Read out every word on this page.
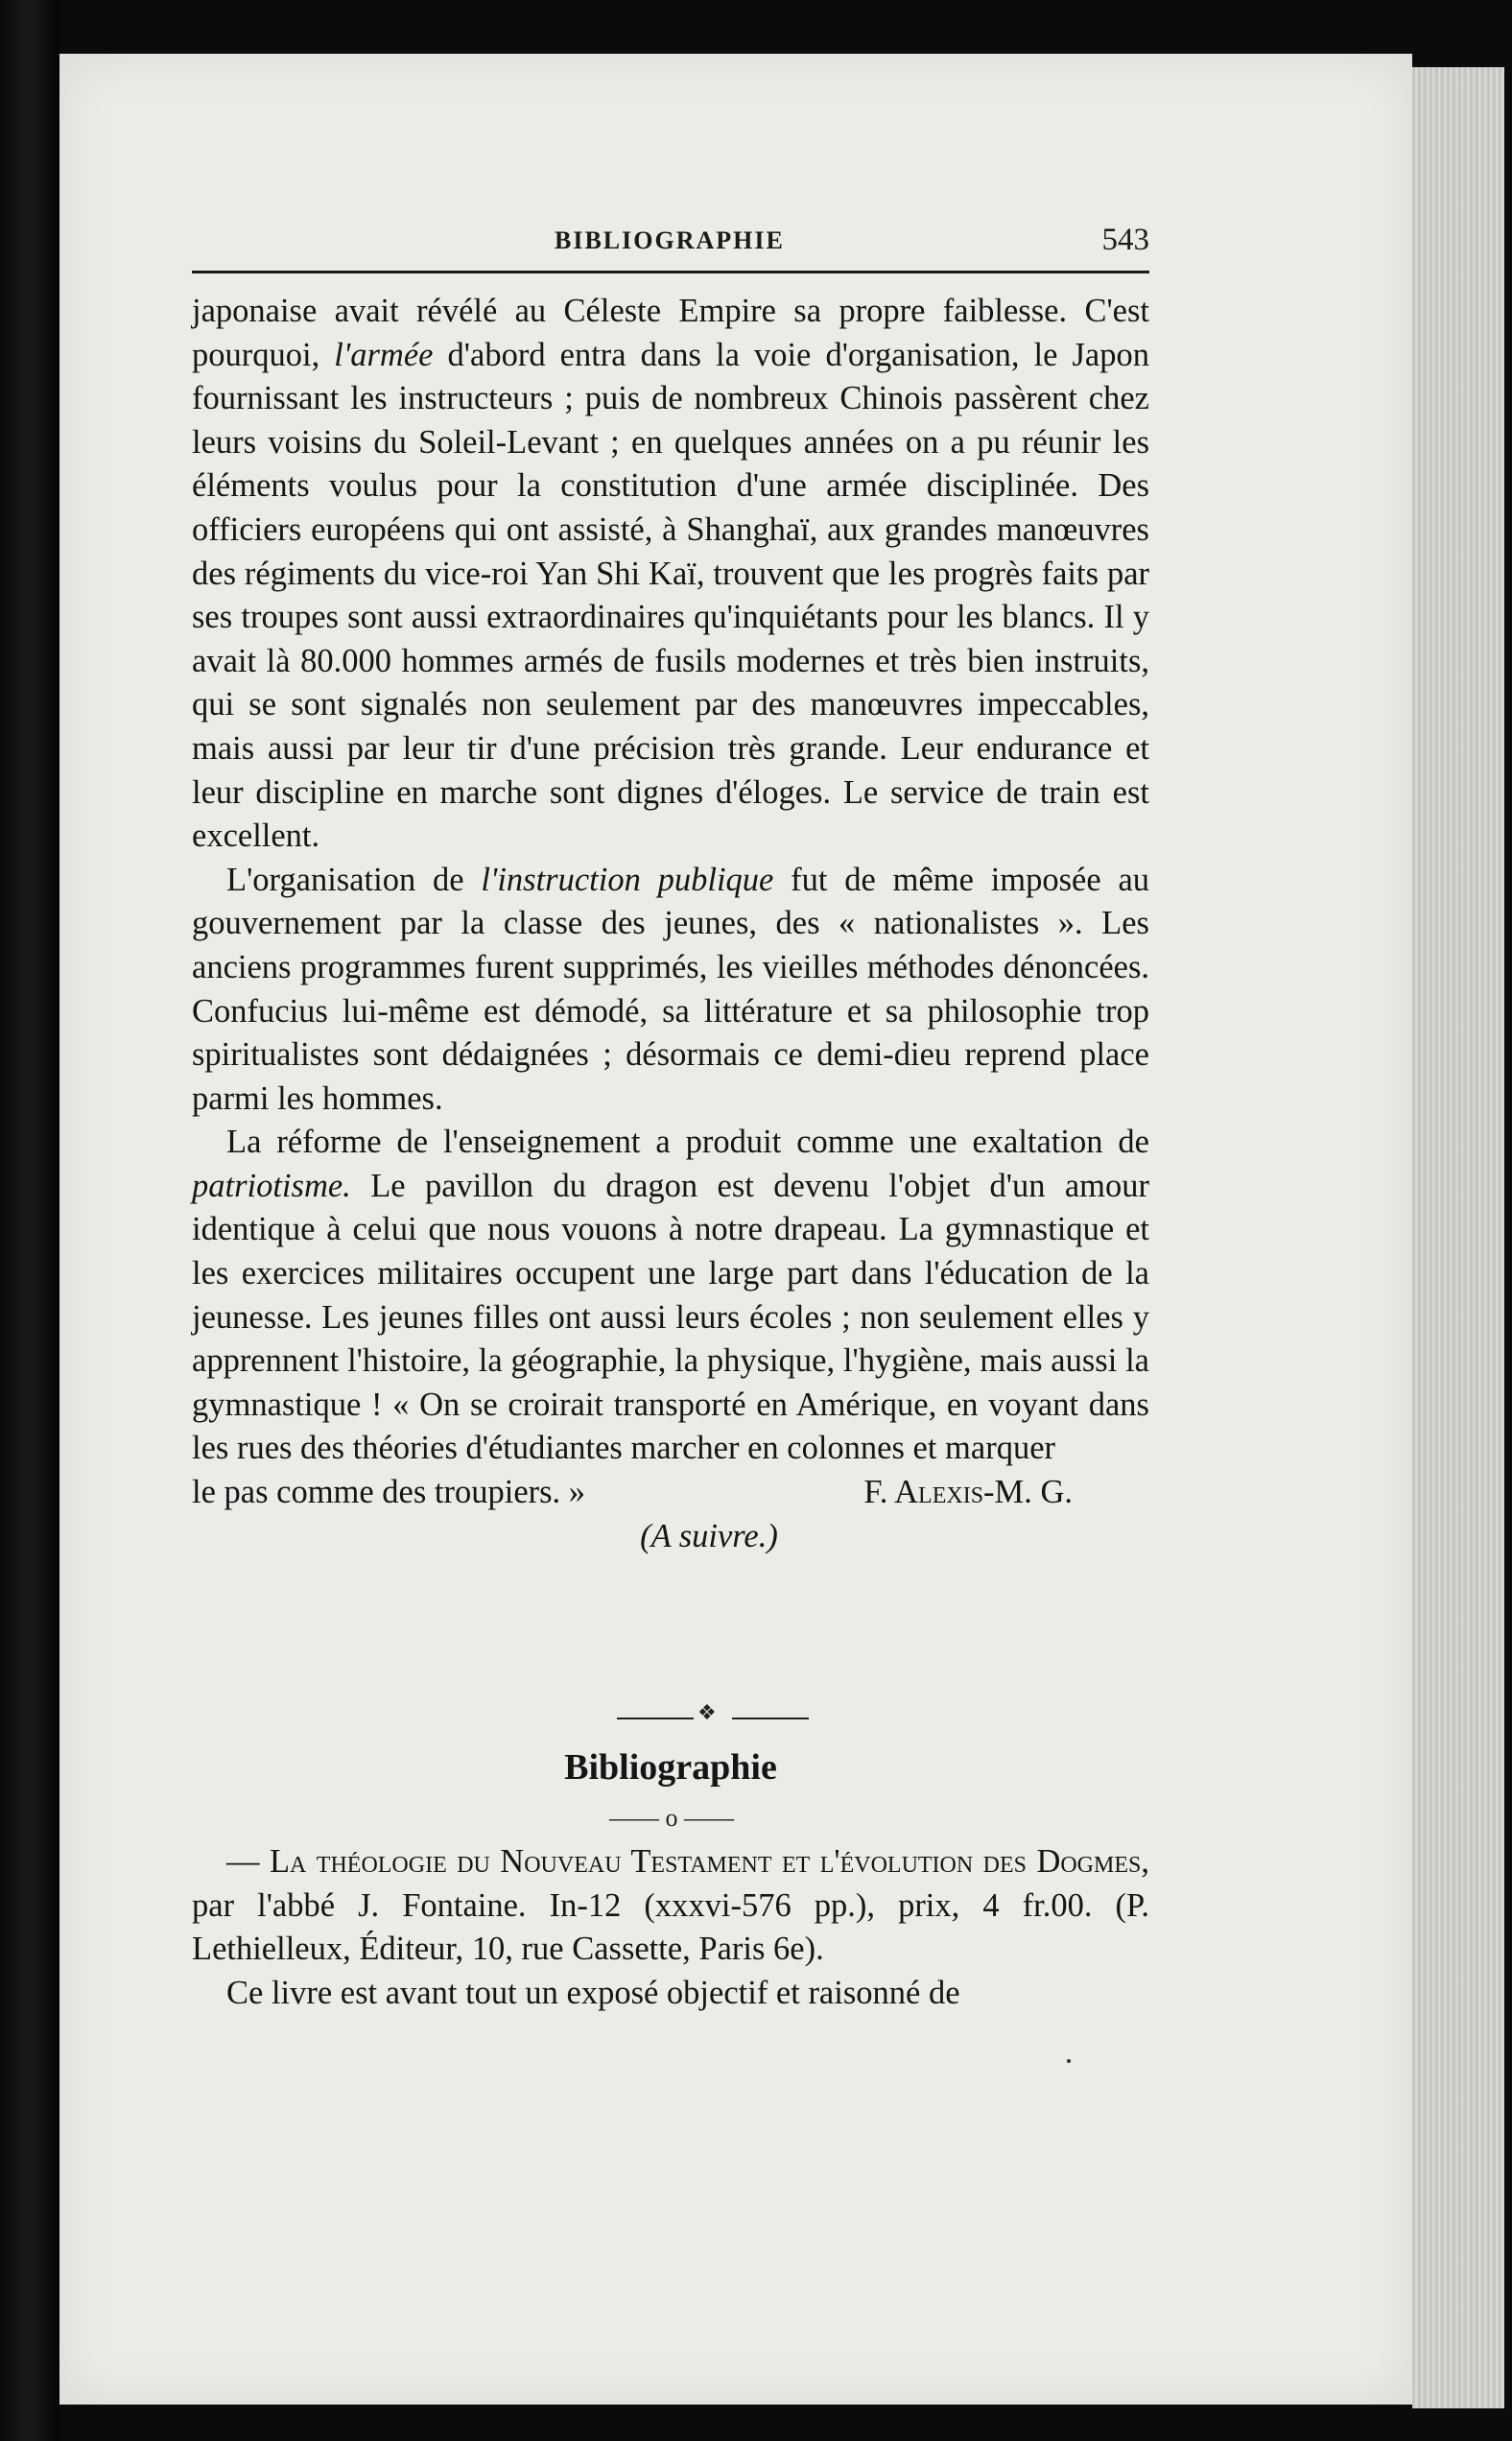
BIBLIOGRAPHIE	543

japonaise avait révélé au Céleste Empire sa propre faiblesse. C'est pourquoi, l'armée d'abord entra dans la voie d'organisation, le Japon fournissant les instructeurs ; puis de nombreux Chinois passèrent chez leurs voisins du Soleil-Levant ; en quelques années on a pu réunir les éléments voulus pour la constitution d'une armée disciplinée. Des officiers européens qui ont assisté, à Shanghaï, aux grandes manœuvres des régiments du vice-roi Yan Shi Kaï, trouvent que les progrès faits par ses troupes sont aussi extraordinaires qu'inquiétants pour les blancs. Il y avait là 80.000 hommes armés de fusils modernes et très bien instruits, qui se sont signalés non seulement par des manœuvres impeccables, mais aussi par leur tir d'une précision très grande. Leur endurance et leur discipline en marche sont dignes d'éloges. Le service de train est excellent.

L'organisation de l'instruction publique fut de même imposée au gouvernement par la classe des jeunes, des « nationalistes ». Les anciens programmes furent supprimés, les vieilles méthodes dénoncées. Confucius lui-même est démodé, sa littérature et sa philosophie trop spiritualistes sont dédaignées ; désormais ce demi-dieu reprend place parmi les hommes.

La réforme de l'enseignement a produit comme une exaltation de patriotisme. Le pavillon du dragon est devenu l'objet d'un amour identique à celui que nous vouons à notre drapeau. La gymnastique et les exercices militaires occupent une large part dans l'éducation de la jeunesse. Les jeunes filles ont aussi leurs écoles ; non seulement elles y apprennent l'histoire, la géographie, la physique, l'hygiène, mais aussi la gymnastique ! « On se croirait transporté en Amérique, en voyant dans les rues des théories d'étudiantes marcher en colonnes et marquer

le pas comme des troupiers. »	F. Alexis-M. G.
(A suivre.)
❖
Bibliographie
—— o ——

— La théologie du Nouveau Testament et l'évolution des Dogmes, par l'abbé J. Fontaine. In-12 (xxxvi-576 pp.), prix, 4 fr.00. (P. Lethielleux, Éditeur, 10, rue Cassette, Paris 6e).

Ce livre est avant tout un exposé objectif et raisonné de
